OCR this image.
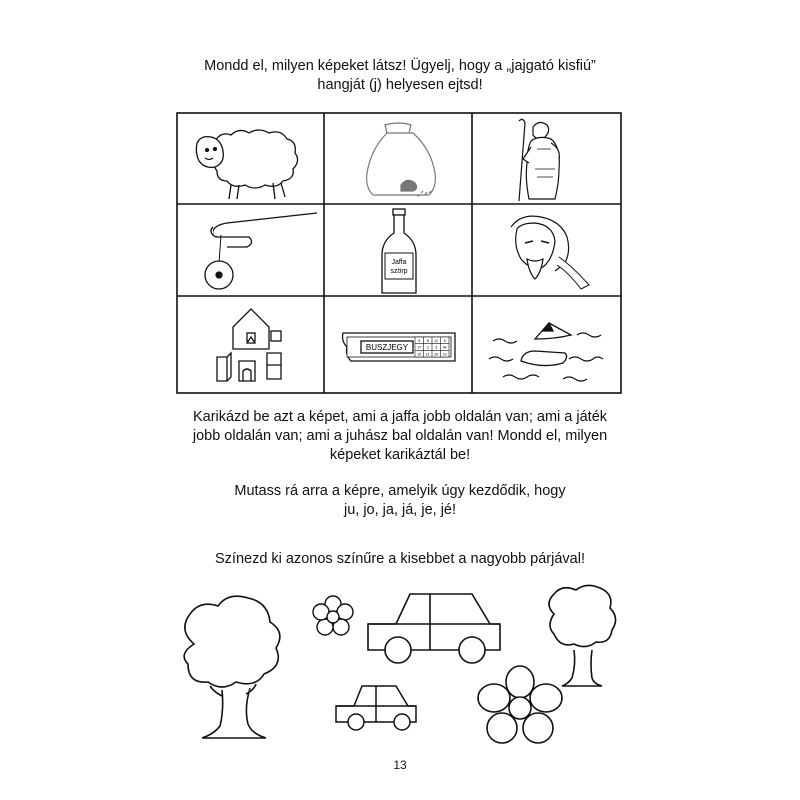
Mondd el, milyen képeket látsz! Ügyelj, hogy a „jajgató kisfiú”
hangját (j) helyesen ejtsd!
Jaffa
szörp
BUSZJEGY
9 8 12 6
17 2 3 54
15 11 20 19
Karikázd be azt a képet, ami a jaffa jobb oldalán van; ami a játék
jobb oldalán van; ami a juhász bal oldalán van! Mondd el, milyen
képeket karikáztál be!
Mutass rá arra a képre, amelyik úgy kezdődik, hogy
ju, jo, ja, já, je, jé!
Színezd ki azonos színűre a kisebbet a nagyobb párjával!
13
